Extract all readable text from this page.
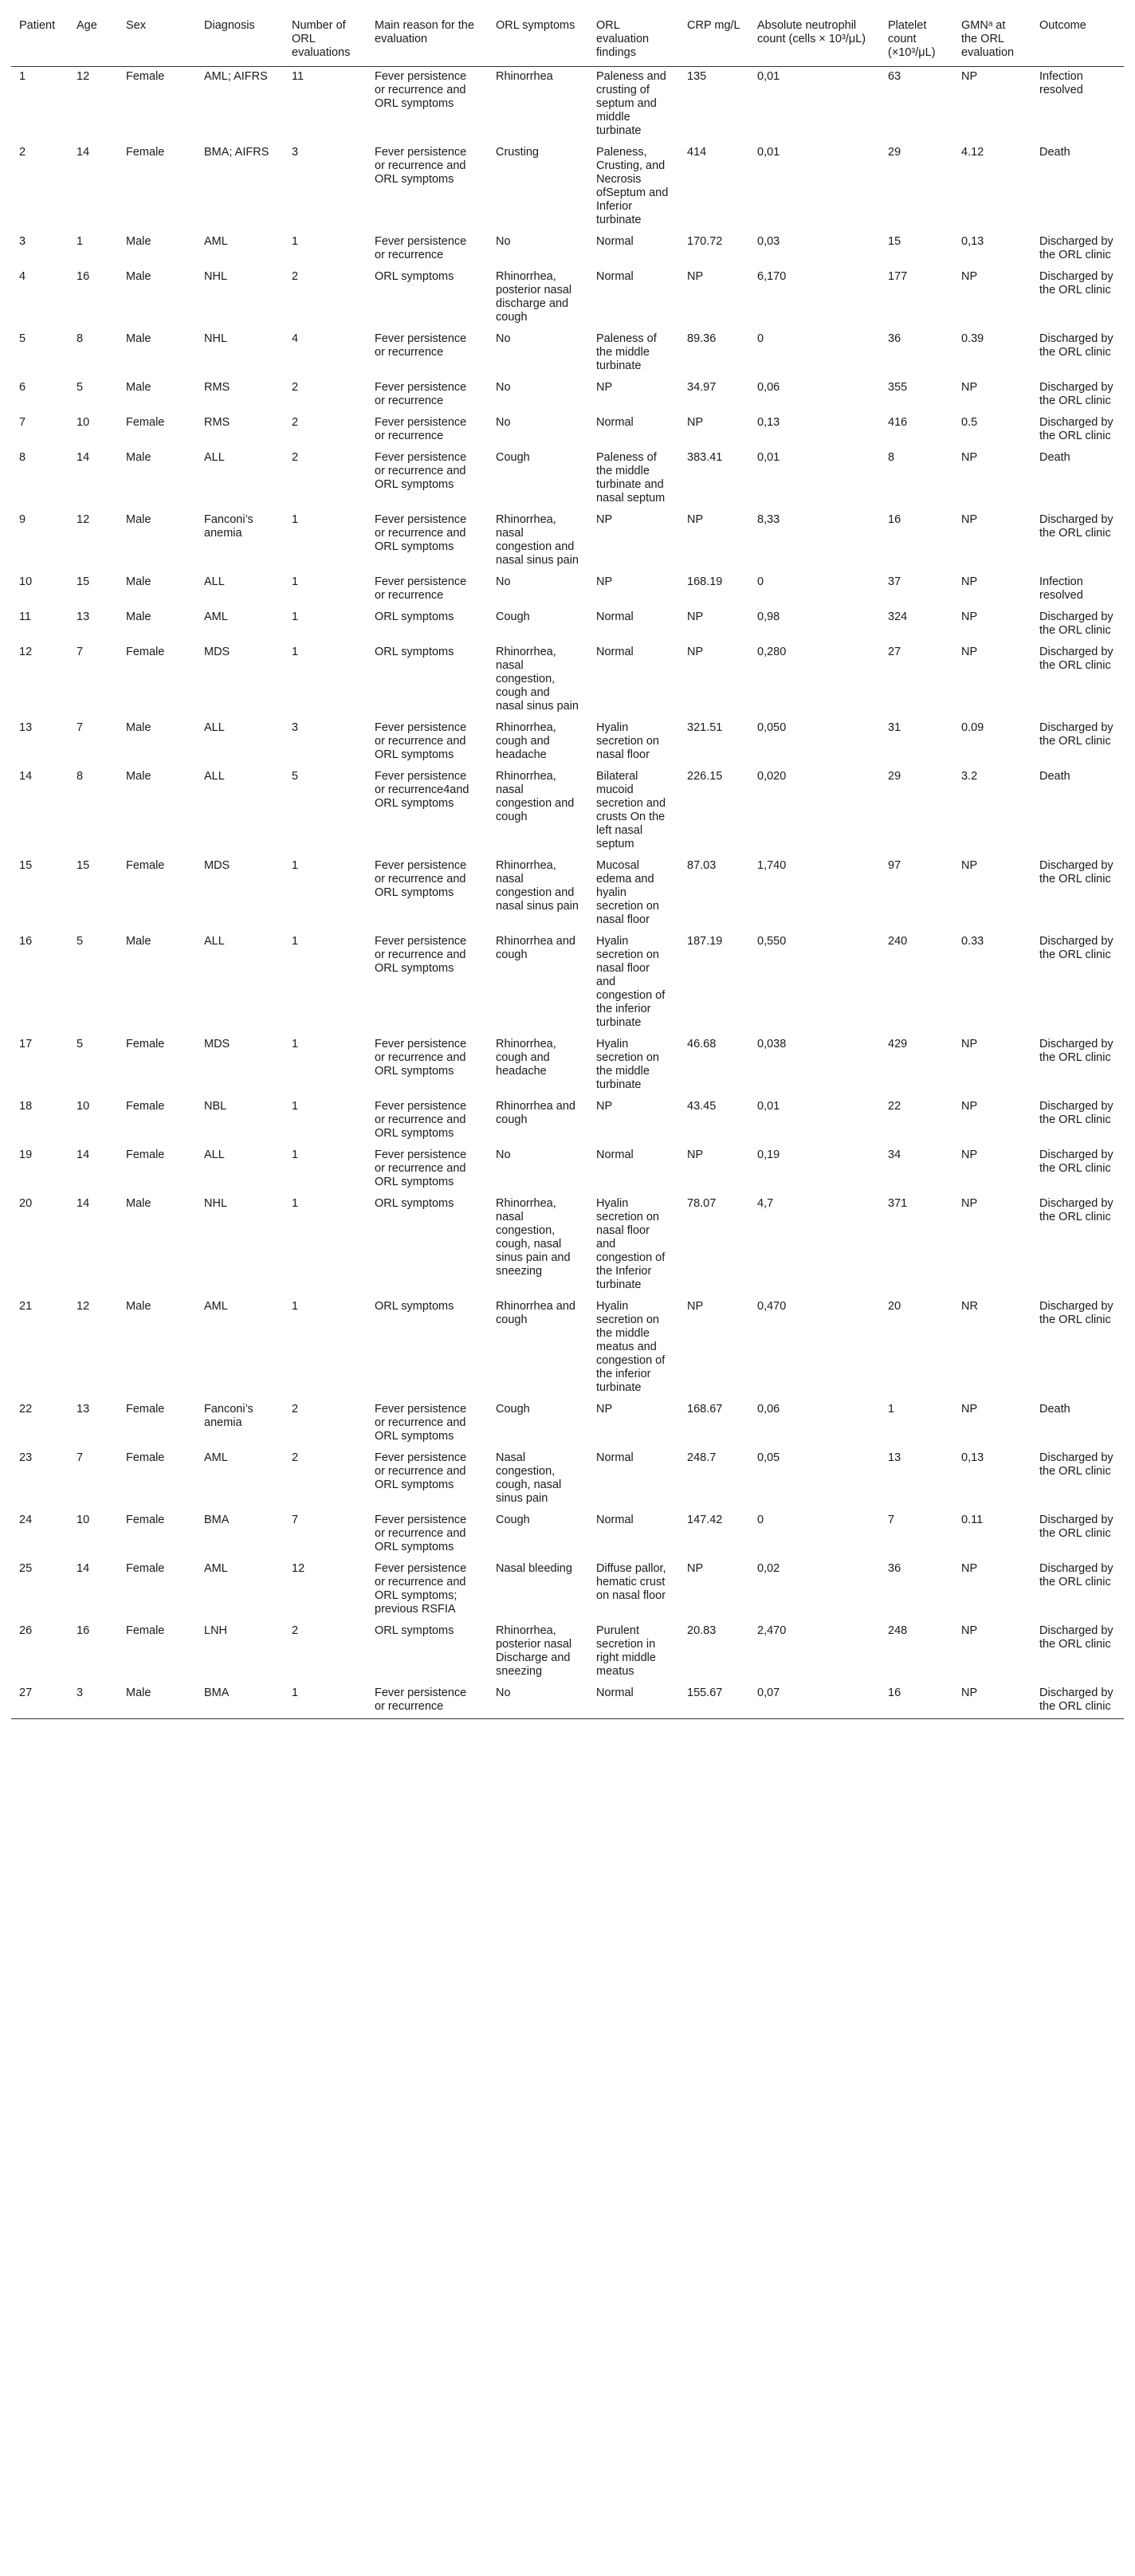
Patient	Age	Sex	Diagnosis	Number of ORL evaluations	Main reason for the evaluation	ORL symptoms	ORL evaluation findings	CRP mg/L	Absolute neutrophil count (cells × 10³/μL)	Platelet count (×10³/μL)	GMNᵃ at the ORL evaluation	Outcome
1	12	Female	AML; AIFRS	11	Fever persistence or recurrence and ORL symptoms	Rhinorrhea	Paleness and crusting of septum and middle turbinate	135	0,01	63	NP	Infection resolved
2	14	Female	BMA; AIFRS	3	Fever persistence or recurrence and ORL symptoms	Crusting	Paleness, Crusting, and Necrosis ofSeptum and Inferior turbinate	414	0,01	29	4.12	Death
3	1	Male	AML	1	Fever persistence or recurrence	No	Normal	170.72	0,03	15	0,13	Discharged by the ORL clinic
4	16	Male	NHL	2	ORL symptoms	Rhinorrhea, posterior nasal discharge and cough	Normal	NP	6,170	177	NP	Discharged by the ORL clinic
5	8	Male	NHL	4	Fever persistence or recurrence	No	Paleness of the middle turbinate	89.36	0	36	0.39	Discharged by the ORL clinic
6	5	Male	RMS	2	Fever persistence or recurrence	No	NP	34.97	0,06	355	NP	Discharged by the ORL clinic
7	10	Female	RMS	2	Fever persistence or recurrence	No	Normal	NP	0,13	416	0.5	Discharged by the ORL clinic
8	14	Male	ALL	2	Fever persistence or recurrence and ORL symptoms	Cough	Paleness of the middle turbinate and nasal septum	383.41	0,01	8	NP	Death
9	12	Male	Fanconi’s anemia	1	Fever persistence or recurrence and ORL symptoms	Rhinorrhea, nasal congestion and nasal sinus pain	NP	NP	8,33	16	NP	Discharged by the ORL clinic
10	15	Male	ALL	1	Fever persistence or recurrence	No	NP	168.19	0	37	NP	Infection resolved
11	13	Male	AML	1	ORL symptoms	Cough	Normal	NP	0,98	324	NP	Discharged by the ORL clinic
12	7	Female	MDS	1	ORL symptoms	Rhinorrhea, nasal congestion, cough and nasal sinus pain	Normal	NP	0,280	27	NP	Discharged by the ORL clinic
13	7	Male	ALL	3	Fever persistence or recurrence and ORL symptoms	Rhinorrhea, cough and headache	Hyalin secretion on nasal floor	321.51	0,050	31	0.09	Discharged by the ORL clinic
14	8	Male	ALL	5	Fever persistence or recurrence4and ORL symptoms	Rhinorrhea, nasal congestion and cough	Bilateral mucoid secretion and crusts On the left nasal septum	226.15	0,020	29	3.2	Death
15	15	Female	MDS	1	Fever persistence or recurrence and ORL symptoms	Rhinorrhea, nasal congestion and nasal sinus pain	Mucosal edema and hyalin secretion on nasal floor	87.03	1,740	97	NP	Discharged by the ORL clinic
16	5	Male	ALL	1	Fever persistence or recurrence and ORL symptoms	Rhinorrhea and cough	Hyalin secretion on nasal floor and congestion of the inferior turbinate	187.19	0,550	240	0.33	Discharged by the ORL clinic
17	5	Female	MDS	1	Fever persistence or recurrence and ORL symptoms	Rhinorrhea, cough and headache	Hyalin secretion on the middle turbinate	46.68	0,038	429	NP	Discharged by the ORL clinic
18	10	Female	NBL	1	Fever persistence or recurrence and ORL symptoms	Rhinorrhea and cough	NP	43.45	0,01	22	NP	Discharged by the ORL clinic
19	14	Female	ALL	1	Fever persistence or recurrence and ORL symptoms	No	Normal	NP	0,19	34	NP	Discharged by the ORL clinic
20	14	Male	NHL	1	ORL symptoms	Rhinorrhea, nasal congestion, cough, nasal sinus pain and sneezing	Hyalin secretion on nasal floor and congestion of the Inferior turbinate	78.07	4,7	371	NP	Discharged by the ORL clinic
21	12	Male	AML	1	ORL symptoms	Rhinorrhea and cough	Hyalin secretion on the middle meatus and congestion of the inferior turbinate	NP	0,470	20	NR	Discharged by the ORL clinic
22	13	Female	Fanconi’s anemia	2	Fever persistence or recurrence and ORL symptoms	Cough	NP	168.67	0,06	1	NP	Death
23	7	Female	AML	2	Fever persistence or recurrence and ORL symptoms	Nasal congestion, cough, nasal sinus pain	Normal	248.7	0,05	13	0,13	Discharged by the ORL clinic
24	10	Female	BMA	7	Fever persistence or recurrence and ORL symptoms	Cough	Normal	147.42	0	7	0.11	Discharged by the ORL clinic
25	14	Female	AML	12	Fever persistence or recurrence and ORL symptoms; previous RSFIA	Nasal bleeding	Diffuse pallor, hematic crust on nasal floor	NP	0,02	36	NP	Discharged by the ORL clinic
26	16	Female	LNH	2	ORL symptoms	Rhinorrhea, posterior nasal Discharge and sneezing	Purulent secretion in right middle meatus	20.83	2,470	248	NP	Discharged by the ORL clinic
27	3	Male	BMA	1	Fever persistence or recurrence	No	Normal	155.67	0,07	16	NP	Discharged by the ORL clinic
